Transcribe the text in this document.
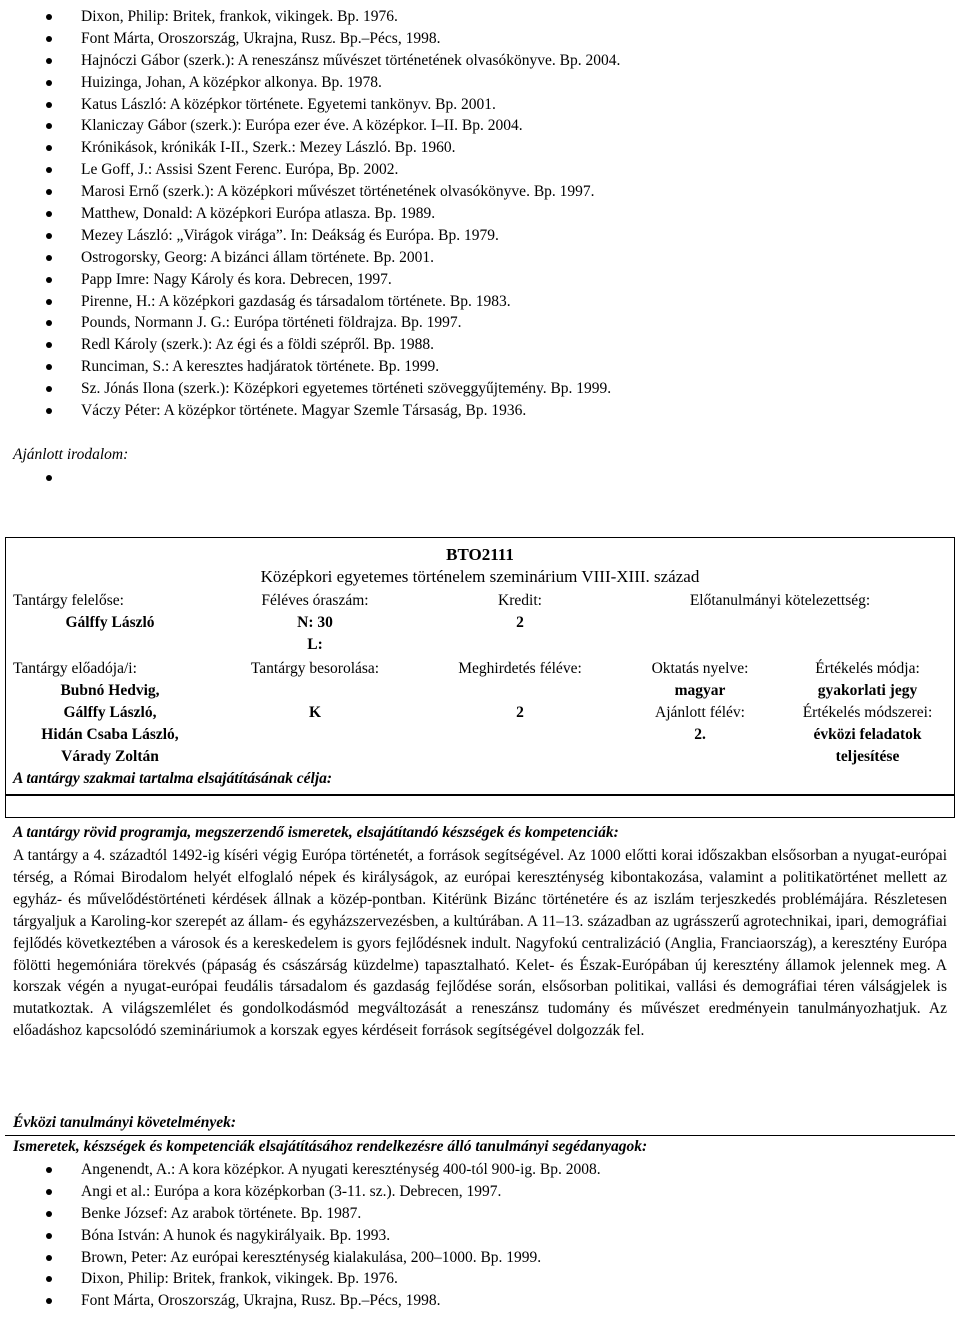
Dixon, Philip: Britek, frankok, vikingek. Bp. 1976.
Font Márta, Oroszország, Ukrajna, Rusz. Bp.–Pécs, 1998.
Hajnóczi Gábor (szerk.): A reneszánsz művészet történetének olvasókönyve. Bp. 2004.
Huizinga, Johan, A középkor alkonya. Bp. 1978.
Katus László: A középkor története. Egyetemi tankönyv. Bp. 2001.
Klaniczay Gábor (szerk.): Európa ezer éve. A középkor. I–II. Bp. 2004.
Krónikások, krónikák I-II., Szerk.: Mezey László. Bp. 1960.
Le Goff, J.: Assisi Szent Ferenc. Európa, Bp. 2002.
Marosi Ernő (szerk.): A középkori művészet történetének olvasókönyve. Bp. 1997.
Matthew, Donald: A középkori Európa atlasza. Bp. 1989.
Mezey László: „Virágok virága”. In: Deákság és Európa. Bp. 1979.
Ostrogorsky, Georg: A bizánci állam története. Bp. 2001.
Papp Imre: Nagy Károly és kora. Debrecen, 1997.
Pirenne, H.: A középkori gazdaság és társadalom története. Bp. 1983.
Pounds, Normann J. G.: Európa történeti földrajza. Bp. 1997.
Redl Károly (szerk.): Az égi és a földi szépről. Bp. 1988.
Runciman, S.: A keresztes hadjáratok története. Bp. 1999.
Sz. Jónás Ilona (szerk.): Középkori egyetemes történeti szöveggyűjtemény. Bp. 1999.
Váczy Péter: A középkor története. Magyar Szemle Társaság, Bp. 1936.
Ajánlott irodalom:
BTO2111
Középkori egyetemes történelem szeminárium VIII-XIII. század
Tantárgy felelőse:
Gálffy László
Féléves óraszám:
N: 30
L:
Kredit:
2
Előtanulmányi kötelezettség:
Tantárgy előadója/i:
Bubnó Hedvig,
Gálffy László,
Hidán Csaba László,
Várady Zoltán
Tantárgy besorolása:
K
Meghirdetés féléve:
2
Oktatás nyelve:
magyar
Ajánlott félév:
2.
Értékelés módja:
gyakorlati jegy
Értékelés módszerei:
évközi feladatok
teljesítése
A tantárgy szakmai tartalma elsajátításának célja:
A tantárgy rövid programja, megszerzendő ismeretek, elsajátítandó készségek és kompetenciák:
A tantárgy a 4. századtól 1492-ig kíséri végig Európa történetét, a források segítségével. Az 1000 előtti korai időszakban elsősorban a nyugat-európai térség, a Római Birodalom helyét elfoglaló népek és királyságok, az európai kereszténység kibontakozása, valamint a politikatörténet mellett az egyház- és művelődéstörténeti kérdések állnak a közép-pontban. Kitérünk Bizánc történetére és az iszlám terjeszkedés problémájára. Részletesen tárgyaljuk a Karoling-kor szerepét az állam- és egyházszervezésben, a kultúrában. A 11–13. században az ugrásszerű agrotechnikai, ipari, demográfiai fejlődés következtében a városok és a kereskedelem is gyors fejlődésnek indult. Nagyfokú centralizáció (Anglia, Franciaország), a keresztény Európa fölötti hegemóniára törekvés (pápaság és császárság küzdelme) tapasztalható. Kelet- és Észak-Európában új keresztény államok jelennek meg. A korszak végén a nyugat-európai feudális társadalom és gazdaság fejlődése során, elsősorban politikai, vallási és demográfiai téren válságjelek is mutatkoztak. A világszemlélet és gondolkodásmód megváltozását a reneszánsz tudomány és művészet eredményein tanulmányozhatjuk. Az előadáshoz kapcsolódó szemináriumok a korszak egyes kérdéseit források segítségével dolgozzák fel.
Évközi tanulmányi követelmények:
Ismeretek, készségek és kompetenciák elsajátításához rendelkezésre álló tanulmányi segédanyagok:
Angenendt, A.: A kora középkor. A nyugati kereszténység 400-tól 900-ig. Bp. 2008.
Angi et al.: Európa a kora középkorban (3-11. sz.). Debrecen, 1997.
Benke József: Az arabok története. Bp. 1987.
Bóna István: A hunok és nagykirályaik. Bp. 1993.
Brown, Peter: Az európai kereszténység kialakulása, 200–1000. Bp. 1999.
Dixon, Philip: Britek, frankok, vikingek. Bp. 1976.
Font Márta, Oroszország, Ukrajna, Rusz. Bp.–Pécs, 1998.
